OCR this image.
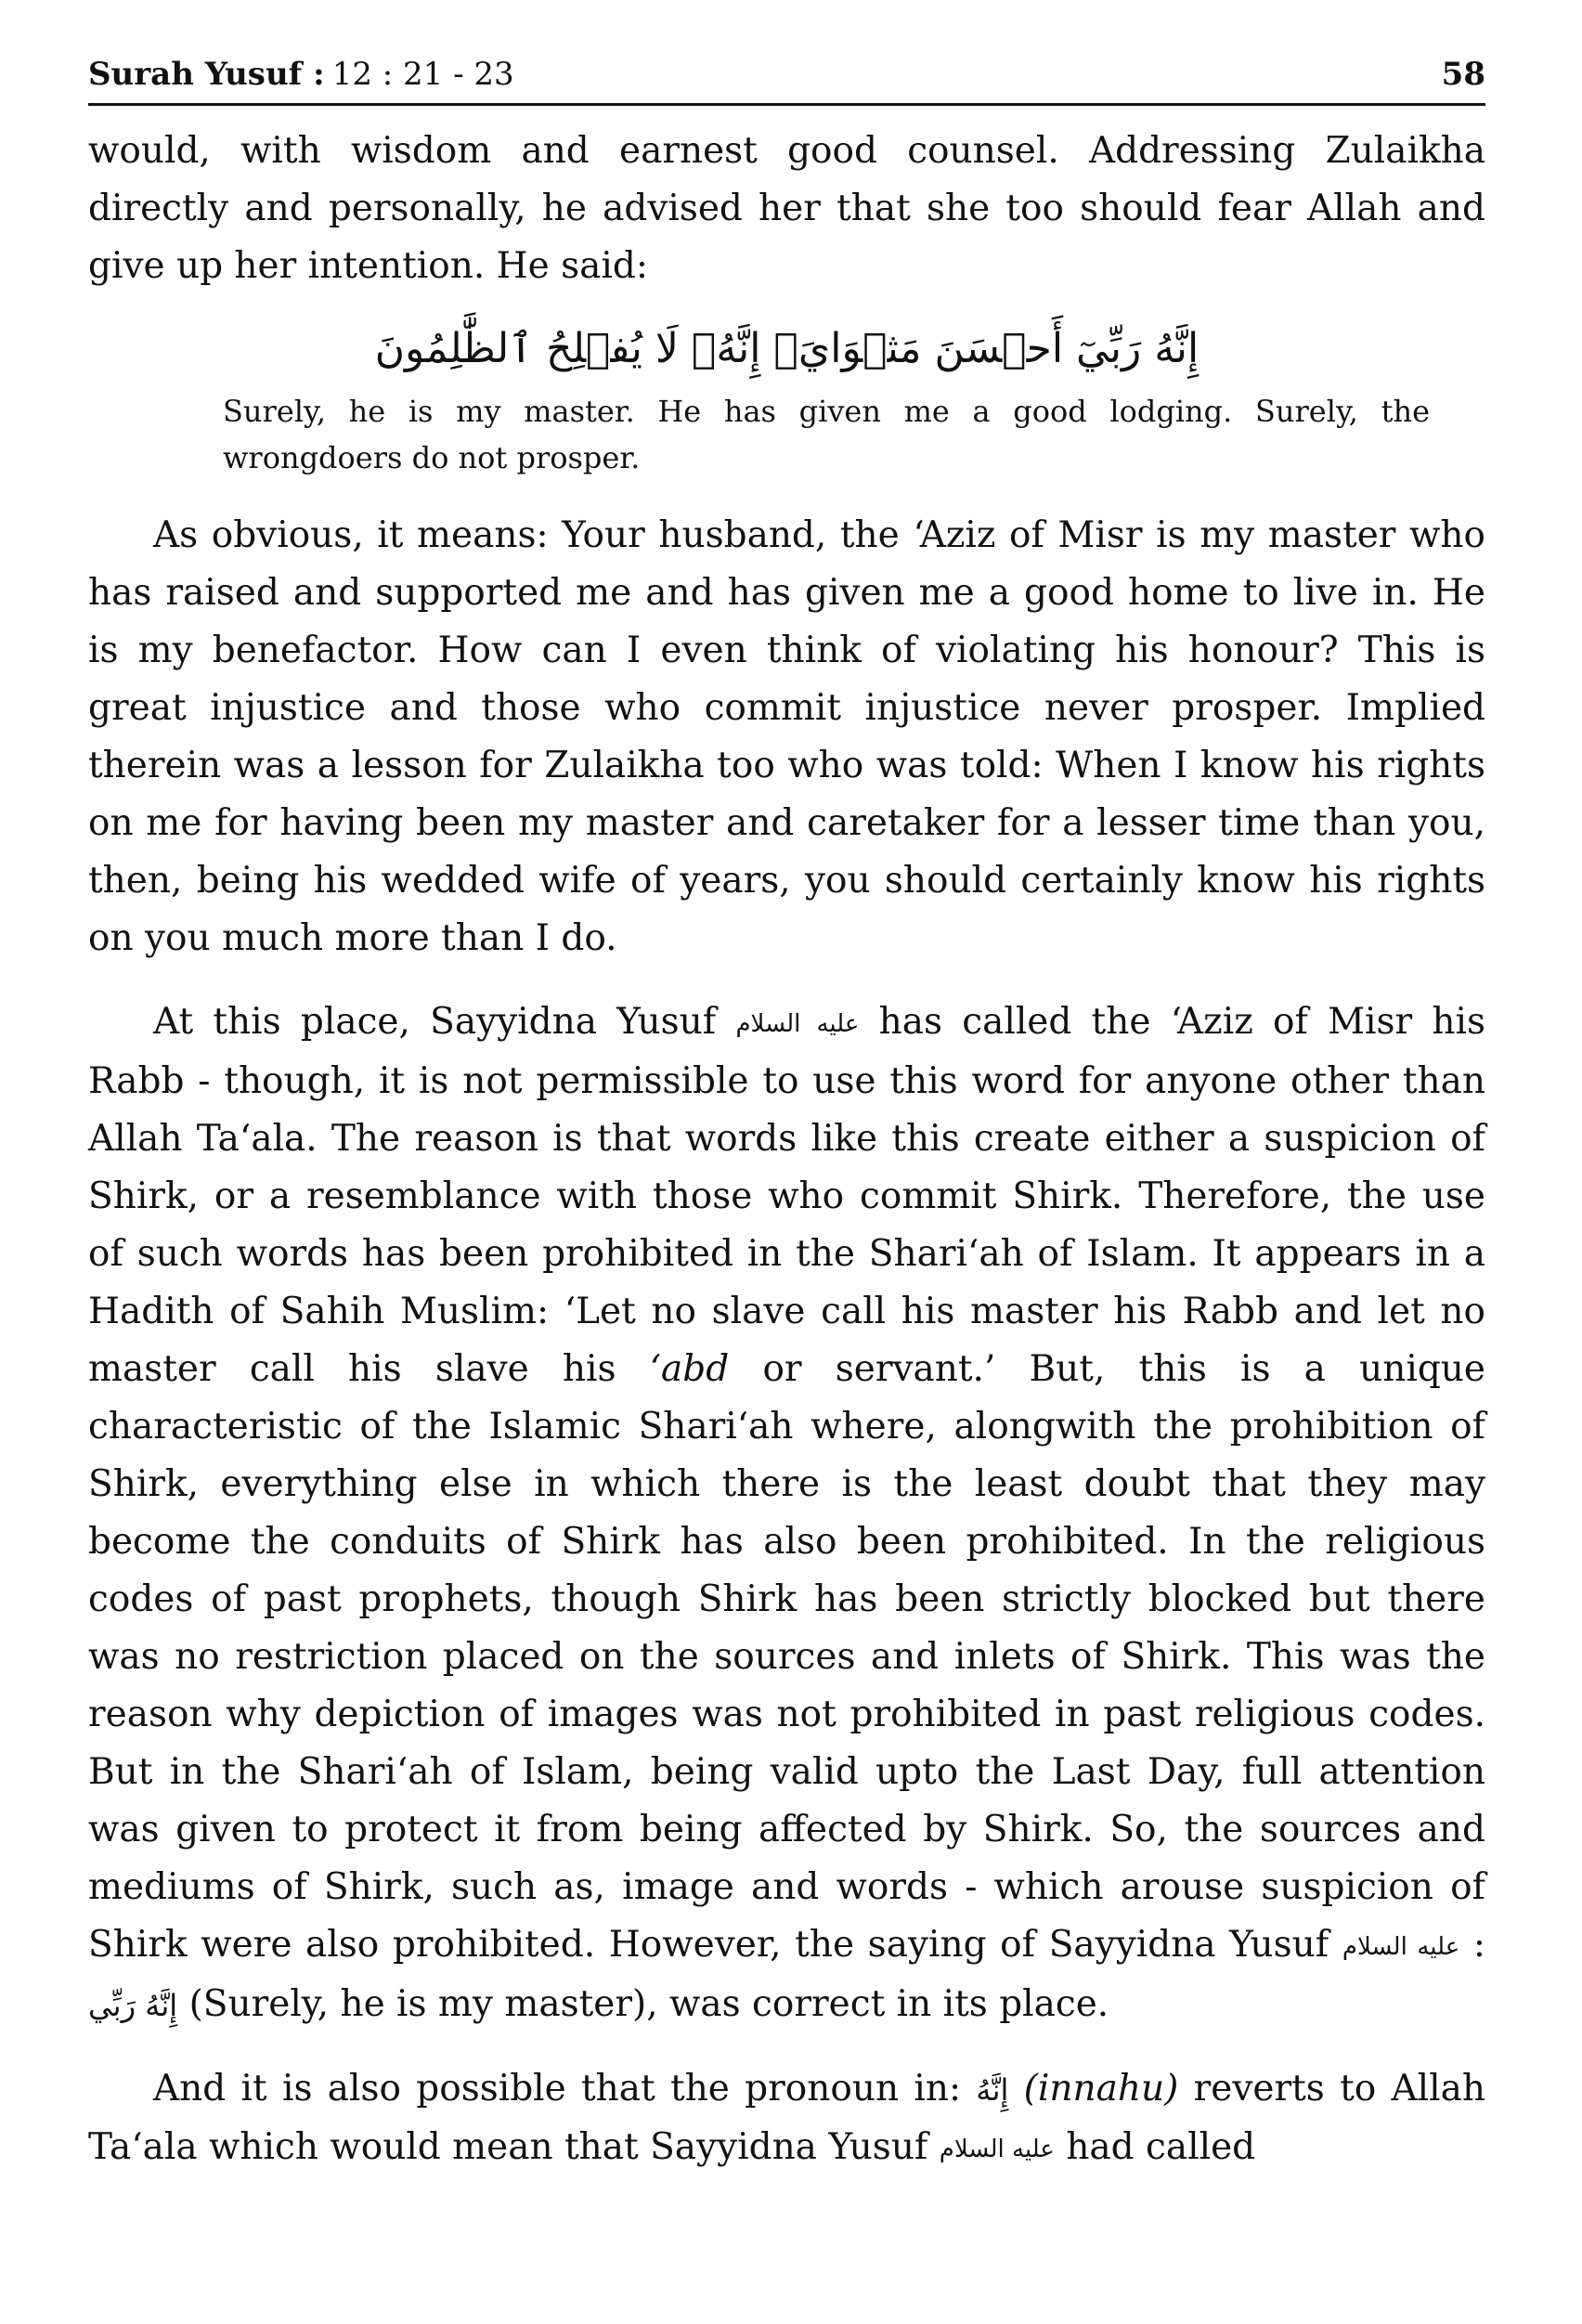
Surah Yusuf : 12 : 21 - 23	58

would, with wisdom and earnest good counsel. Addressing Zulaikha directly and personally, he advised her that she too should fear Allah and give up her intention. He said:

إِنَّهُ رَبِّيٓ أَحۡسَنَ مَثۡوَايَۖ إِنَّهُۥ لَا يُفۡلِحُ ٱلظَّٰلِمُونَ
Surely, he is my master. He has given me a good lodging. Surely, the wrongdoers do not prosper.

As obvious, it means: Your husband, the ‘Aziz of Misr is my master who has raised and supported me and has given me a good home to live in. He is my benefactor. How can I even think of violating his honour? This is great injustice and those who commit injustice never prosper. Implied therein was a lesson for Zulaikha too who was told: When I know his rights on me for having been my master and caretaker for a lesser time than you, then, being his wedded wife of years, you should certainly know his rights on you much more than I do.

At this place, Sayyidna Yusuf عليه السلام has called the ‘Aziz of Misr his Rabb - though, it is not permissible to use this word for anyone other than Allah Ta‘ala. The reason is that words like this create either a suspicion of Shirk, or a resemblance with those who commit Shirk. Therefore, the use of such words has been prohibited in the Shari‘ah of Islam. It appears in a Hadith of Sahih Muslim: ‘Let no slave call his master his Rabb and let no master call his slave his ‘abd or servant.’ But, this is a unique characteristic of the Islamic Shari‘ah where, alongwith the prohibition of Shirk, everything else in which there is the least doubt that they may become the conduits of Shirk has also been prohibited. In the religious codes of past prophets, though Shirk has been strictly blocked but there was no restriction placed on the sources and inlets of Shirk. This was the reason why depiction of images was not prohibited in past religious codes. But in the Shari‘ah of Islam, being valid upto the Last Day, full attention was given to protect it from being affected by Shirk. So, the sources and mediums of Shirk, such as, image and words - which arouse suspicion of Shirk were also prohibited. However, the saying of Sayyidna Yusuf عليه السلام : إِنَّهُ رَبِّي (Surely, he is my master), was correct in its place.

And it is also possible that the pronoun in: إِنَّهُ (innahu) reverts to Allah Ta‘ala which would mean that Sayyidna Yusuf عليه السلام had called
